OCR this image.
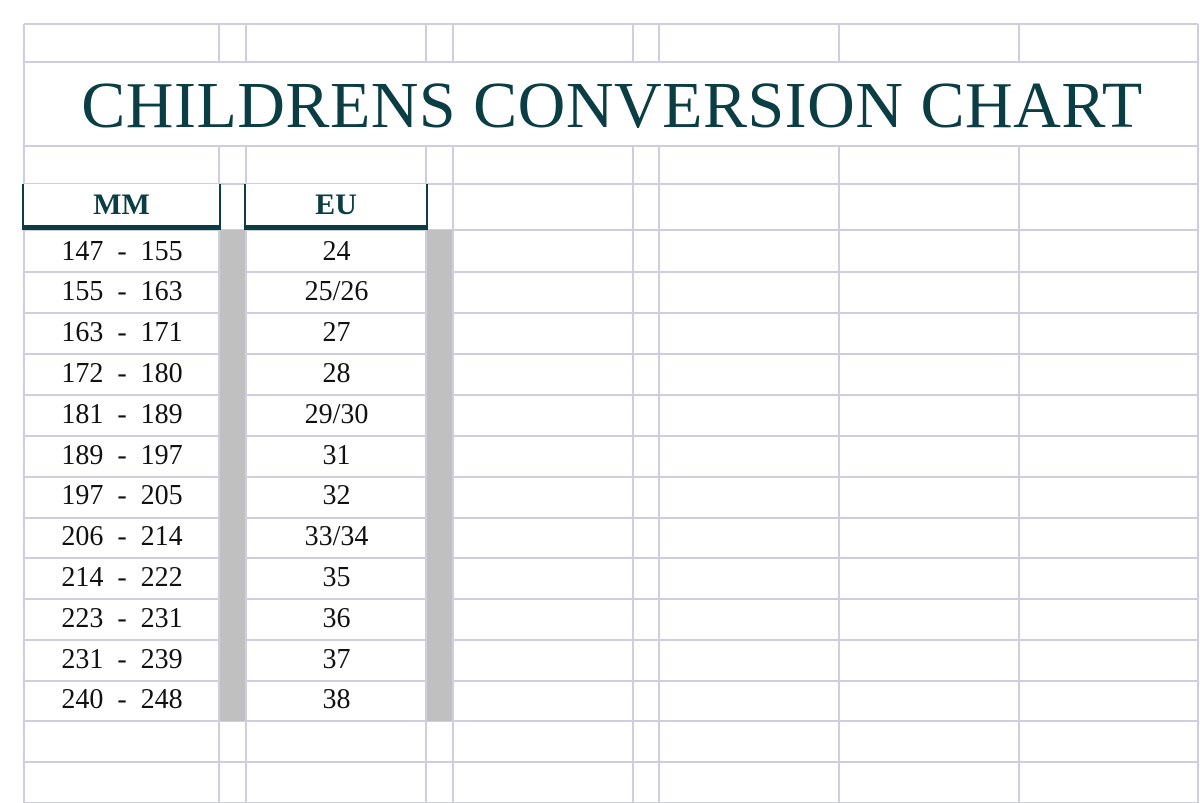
CHILDRENS CONVERSION CHART
MM	EU
147  -  155	24
155  -  163	25/26
163  -  171	27
172  -  180	28
181  -  189	29/30
189  -  197	31
197  -  205	32
206  -  214	33/34
214  -  222	35
223  -  231	36
231  -  239	37
240  -  248	38
